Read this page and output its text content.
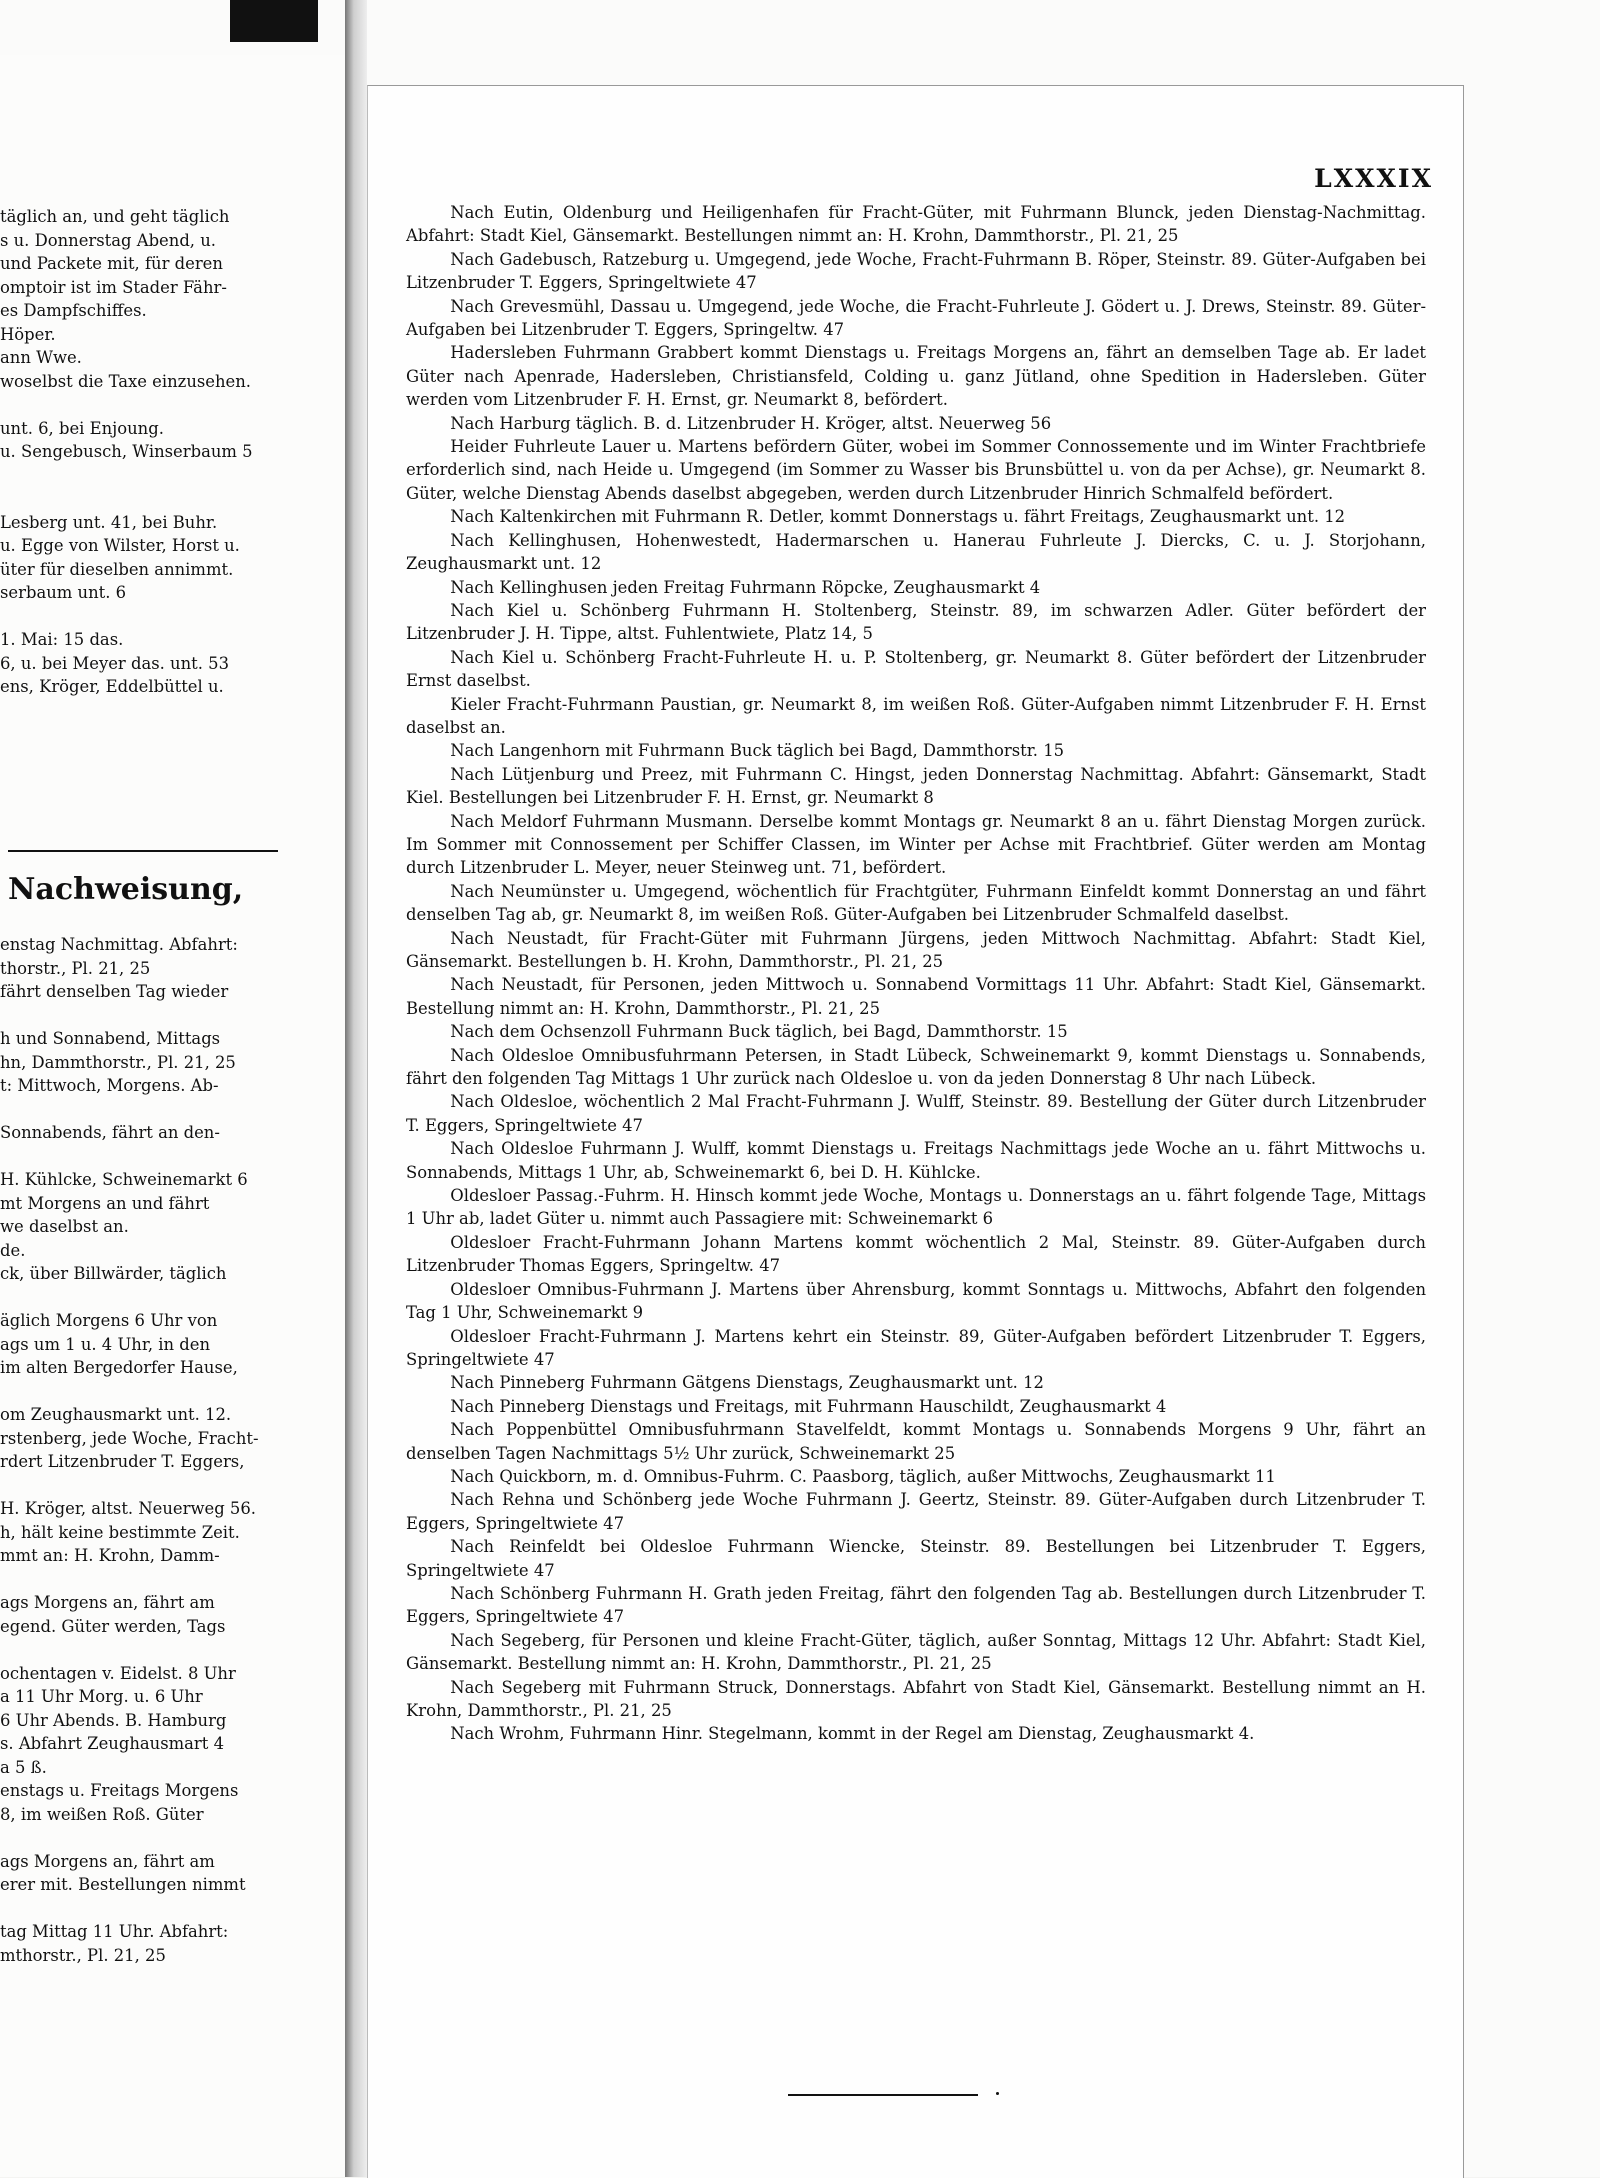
täglich an, und geht täglich
s u. Donnerstag Abend, u.
und Packete mit, für deren
omptoir ist im Stader Fähr-
es Dampfschiffes.
Höper.
ann Wwe.
woselbst die Taxe einzusehen.
unt. 6, bei Enjoung.
u. Sengebusch, Winserbaum 5
Lesberg unt. 41, bei Buhr.
u. Egge von Wilster, Horst u.
üter für dieselben annimmt.
serbaum unt. 6
1. Mai: 15 das.
6, u. bei Meyer das. unt. 53
ens, Kröger, Eddelbüttel u.
Nachweisung,
enstag Nachmittag. Abfahrt:
thorstr., Pl. 21, 25
fährt denselben Tag wieder
h und Sonnabend, Mittags
hn, Dammthorstr., Pl. 21, 25
t: Mittwoch, Morgens. Ab-
Sonnabends, fährt an den-
H. Kühlcke, Schweinemarkt 6
mt Morgens an und fährt
we daselbst an.
de.
ck, über Billwärder, täglich
äglich Morgens 6 Uhr von
ags um 1 u. 4 Uhr, in den
im alten Bergedorfer Hause,
om Zeughausmarkt unt. 12.
rstenberg, jede Woche, Fracht-
rdert Litzenbruder T. Eggers,
H. Kröger, altst. Neuerweg 56.
h, hält keine bestimmte Zeit.
mmt an: H. Krohn, Damm-
ags Morgens an, fährt am
egend. Güter werden, Tags
ochentagen v. Eidelst. 8 Uhr
a 11 Uhr Morg. u. 6 Uhr
6 Uhr Abends. B. Hamburg
s. Abfahrt Zeughausmart 4
a 5 ß.
enstags u. Freitags Morgens
8, im weißen Roß. Güter
ags Morgens an, fährt am
erer mit. Bestellungen nimmt
tag Mittag 11 Uhr. Abfahrt:
mthorstr., Pl. 21, 25
LXXXIX

Nach Eutin, Oldenburg und Heiligenhafen für Fracht-Güter, mit Fuhrmann Blunck, jeden Dienstag-Nachmittag. Abfahrt: Stadt Kiel, Gänsemarkt. Bestellungen nimmt an: H. Krohn, Dammthorstr., Pl. 21, 25

Nach Gadebusch, Ratzeburg u. Umgegend, jede Woche, Fracht-Fuhrmann B. Röper, Steinstr. 89. Güter-Aufgaben bei Litzenbruder T. Eggers, Springeltwiete 47

Nach Grevesmühl, Dassau u. Umgegend, jede Woche, die Fracht-Fuhrleute J. Gödert u. J. Drews, Steinstr. 89. Güter-Aufgaben bei Litzenbruder T. Eggers, Springeltw. 47

Hadersleben Fuhrmann Grabbert kommt Dienstags u. Freitags Morgens an, fährt an demselben Tage ab. Er ladet Güter nach Apenrade, Hadersleben, Christiansfeld, Colding u. ganz Jütland, ohne Spedition in Hadersleben. Güter werden vom Litzenbruder F. H. Ernst, gr. Neumarkt 8, befördert.

Nach Harburg täglich. B. d. Litzenbruder H. Kröger, altst. Neuerweg 56

Heider Fuhrleute Lauer u. Martens befördern Güter, wobei im Sommer Connossemente und im Winter Frachtbriefe erforderlich sind, nach Heide u. Umgegend (im Sommer zu Wasser bis Brunsbüttel u. von da per Achse), gr. Neumarkt 8. Güter, welche Dienstag Abends daselbst abgegeben, werden durch Litzenbruder Hinrich Schmalfeld befördert.

Nach Kaltenkirchen mit Fuhrmann R. Detler, kommt Donnerstags u. fährt Freitags, Zeughausmarkt unt. 12

Nach Kellinghusen, Hohenwestedt, Hadermarschen u. Hanerau Fuhrleute J. Diercks, C. u. J. Storjohann, Zeughausmarkt unt. 12

Nach Kellinghusen jeden Freitag Fuhrmann Röpcke, Zeughausmarkt 4

Nach Kiel u. Schönberg Fuhrmann H. Stoltenberg, Steinstr. 89, im schwarzen Adler. Güter befördert der Litzenbruder J. H. Tippe, altst. Fuhlentwiete, Platz 14, 5

Nach Kiel u. Schönberg Fracht-Fuhrleute H. u. P. Stoltenberg, gr. Neumarkt 8. Güter befördert der Litzenbruder Ernst daselbst.

Kieler Fracht-Fuhrmann Paustian, gr. Neumarkt 8, im weißen Roß. Güter-Aufgaben nimmt Litzenbruder F. H. Ernst daselbst an.

Nach Langenhorn mit Fuhrmann Buck täglich bei Bagd, Dammthorstr. 15

Nach Lütjenburg und Preez, mit Fuhrmann C. Hingst, jeden Donnerstag Nachmittag. Abfahrt: Gänsemarkt, Stadt Kiel. Bestellungen bei Litzenbruder F. H. Ernst, gr. Neumarkt 8

Nach Meldorf Fuhrmann Musmann. Derselbe kommt Montags gr. Neumarkt 8 an u. fährt Dienstag Morgen zurück. Im Sommer mit Connossement per Schiffer Classen, im Winter per Achse mit Frachtbrief. Güter werden am Montag durch Litzenbruder L. Meyer, neuer Steinweg unt. 71, befördert.

Nach Neumünster u. Umgegend, wöchentlich für Frachtgüter, Fuhrmann Einfeldt kommt Donnerstag an und fährt denselben Tag ab, gr. Neumarkt 8, im weißen Roß. Güter-Aufgaben bei Litzenbruder Schmalfeld daselbst.

Nach Neustadt, für Fracht-Güter mit Fuhrmann Jürgens, jeden Mittwoch Nachmittag. Abfahrt: Stadt Kiel, Gänsemarkt. Bestellungen b. H. Krohn, Dammthorstr., Pl. 21, 25

Nach Neustadt, für Personen, jeden Mittwoch u. Sonnabend Vormittags 11 Uhr. Abfahrt: Stadt Kiel, Gänsemarkt. Bestellung nimmt an: H. Krohn, Dammthorstr., Pl. 21, 25

Nach dem Ochsenzoll Fuhrmann Buck täglich, bei Bagd, Dammthorstr. 15

Nach Oldesloe Omnibusfuhrmann Petersen, in Stadt Lübeck, Schweinemarkt 9, kommt Dienstags u. Sonnabends, fährt den folgenden Tag Mittags 1 Uhr zurück nach Oldesloe u. von da jeden Donnerstag 8 Uhr nach Lübeck.

Nach Oldesloe, wöchentlich 2 Mal Fracht-Fuhrmann J. Wulff, Steinstr. 89. Bestellung der Güter durch Litzenbruder T. Eggers, Springeltwiete 47

Nach Oldesloe Fuhrmann J. Wulff, kommt Dienstags u. Freitags Nachmittags jede Woche an u. fährt Mittwochs u. Sonnabends, Mittags 1 Uhr, ab, Schweinemarkt 6, bei D. H. Kühlcke.

Oldesloer Passag.-Fuhrm. H. Hinsch kommt jede Woche, Montags u. Donnerstags an u. fährt folgende Tage, Mittags 1 Uhr ab, ladet Güter u. nimmt auch Passagiere mit: Schweinemarkt 6

Oldesloer Fracht-Fuhrmann Johann Martens kommt wöchentlich 2 Mal, Steinstr. 89. Güter-Aufgaben durch Litzenbruder Thomas Eggers, Springeltw. 47

Oldesloer Omnibus-Fuhrmann J. Martens über Ahrensburg, kommt Sonntags u. Mittwochs, Abfahrt den folgenden Tag 1 Uhr, Schweinemarkt 9

Oldesloer Fracht-Fuhrmann J. Martens kehrt ein Steinstr. 89, Güter-Aufgaben befördert Litzenbruder T. Eggers, Springeltwiete 47

Nach Pinneberg Fuhrmann Gätgens Dienstags, Zeughausmarkt unt. 12

Nach Pinneberg Dienstags und Freitags, mit Fuhrmann Hauschildt, Zeughausmarkt 4

Nach Poppenbüttel Omnibusfuhrmann Stavelfeldt, kommt Montags u. Sonnabends Morgens 9 Uhr, fährt an denselben Tagen Nachmittags 5½ Uhr zurück, Schweinemarkt 25

Nach Quickborn, m. d. Omnibus-Fuhrm. C. Paasborg, täglich, außer Mittwochs, Zeughausmarkt 11

Nach Rehna und Schönberg jede Woche Fuhrmann J. Geertz, Steinstr. 89. Güter-Aufgaben durch Litzenbruder T. Eggers, Springeltwiete 47

Nach Reinfeldt bei Oldesloe Fuhrmann Wiencke, Steinstr. 89. Bestellungen bei Litzenbruder T. Eggers, Springeltwiete 47

Nach Schönberg Fuhrmann H. Grath jeden Freitag, fährt den folgenden Tag ab. Bestellungen durch Litzenbruder T. Eggers, Springeltwiete 47

Nach Segeberg, für Personen und kleine Fracht-Güter, täglich, außer Sonntag, Mittags 12 Uhr. Abfahrt: Stadt Kiel, Gänsemarkt. Bestellung nimmt an: H. Krohn, Dammthorstr., Pl. 21, 25

Nach Segeberg mit Fuhrmann Struck, Donnerstags. Abfahrt von Stadt Kiel, Gänsemarkt. Bestellung nimmt an H. Krohn, Dammthorstr., Pl. 21, 25

Nach Wrohm, Fuhrmann Hinr. Stegelmann, kommt in der Regel am Dienstag, Zeughausmarkt 4.
